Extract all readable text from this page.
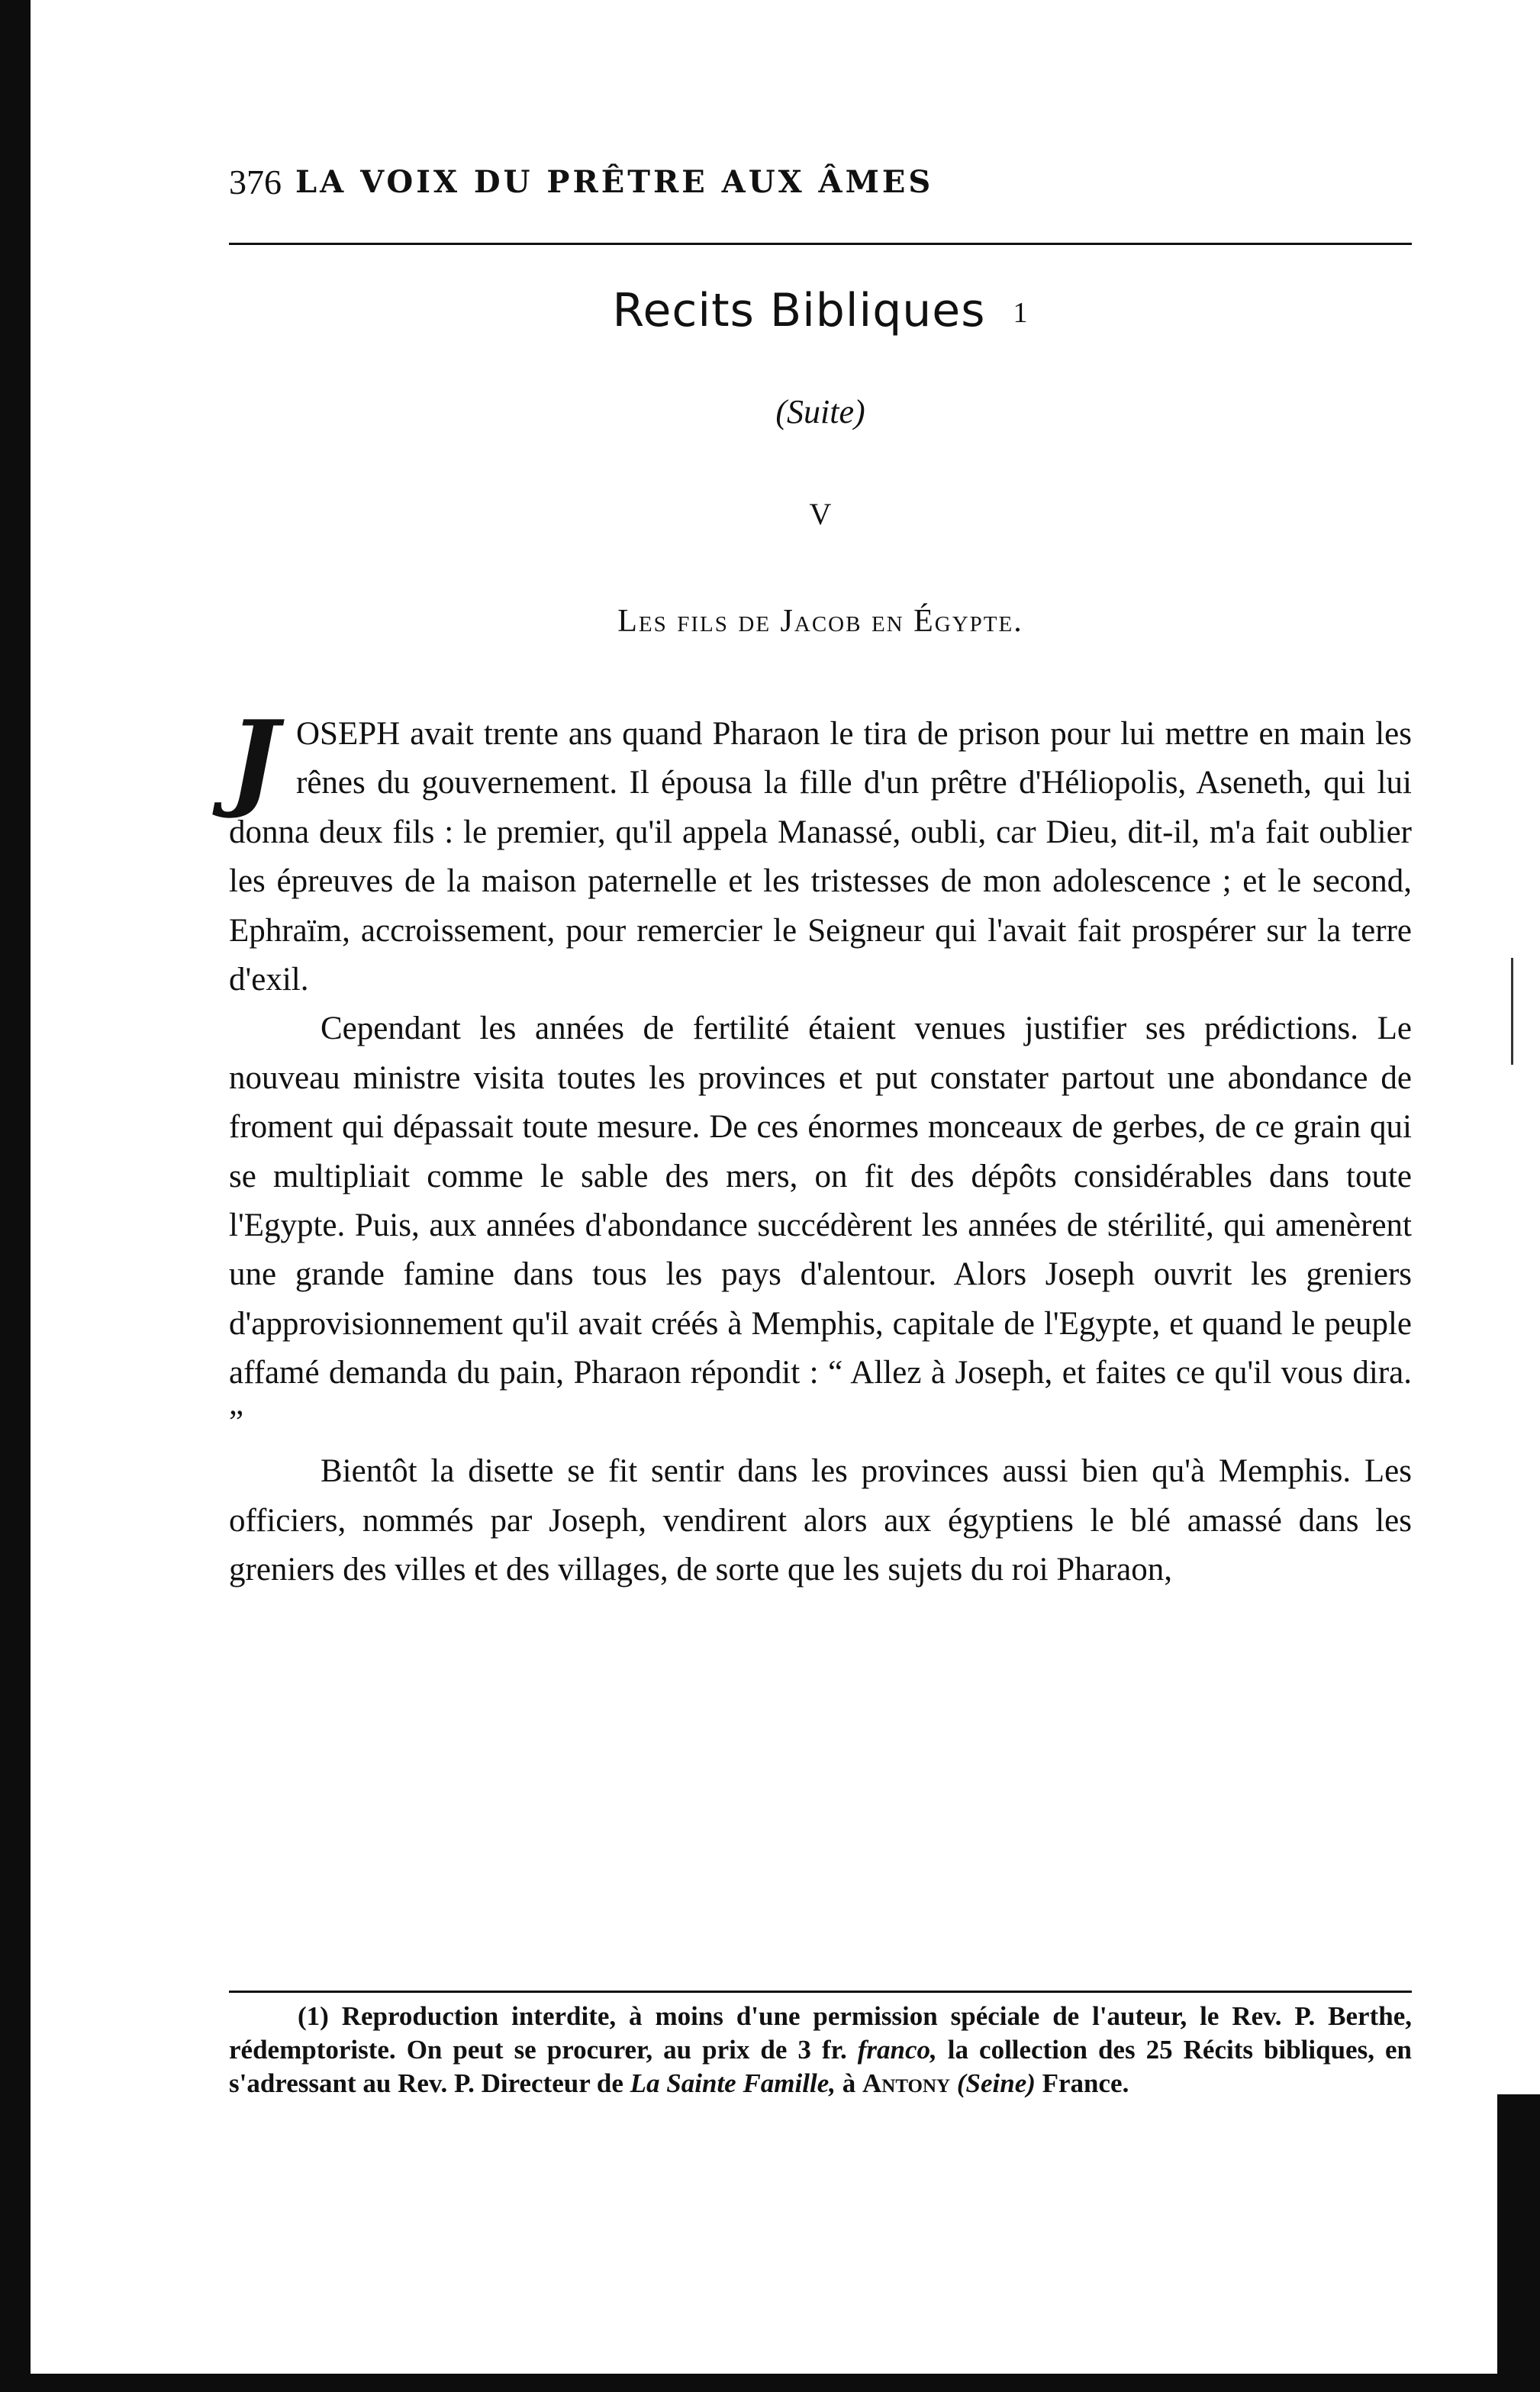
376 LA VOIX DU PRÊTRE AUX ÂMES
Recits Bibliques 1
(Suite)
V
Les fils de Jacob en Égypte.

JOSEPH avait trente ans quand Pharaon le tira de prison pour lui mettre en main les rênes du gouvernement. Il épousa la fille d'un prêtre d'Héliopolis, Aseneth, qui lui donna deux fils : le premier, qu'il appela Manassé, oubli, car Dieu, dit-il, m'a fait oublier les épreuves de la maison paternelle et les tristesses de mon adolescence ; et le second, Ephraïm, accroissement, pour remercier le Seigneur qui l'avait fait prospérer sur la terre d'exil.

Cependant les années de fertilité étaient venues justifier ses prédictions. Le nouveau ministre visita toutes les provinces et put constater partout une abondance de froment qui dépassait toute mesure. De ces énormes monceaux de gerbes, de ce grain qui se multipliait comme le sable des mers, on fit des dépôts considérables dans toute l'Egypte. Puis, aux années d'abondance succédèrent les années de stérilité, qui amenèrent une grande famine dans tous les pays d'alentour. Alors Joseph ouvrit les greniers d'approvisionnement qu'il avait créés à Memphis, capitale de l'Egypte, et quand le peuple affamé demanda du pain, Pharaon répondit : “ Allez à Joseph, et faites ce qu'il vous dira. ”

Bientôt la disette se fit sentir dans les provinces aussi bien qu'à Memphis. Les officiers, nommés par Joseph, vendirent alors aux égyptiens le blé amassé dans les greniers des villes et des villages, de sorte que les sujets du roi Pharaon,

(1) Reproduction interdite, à moins d'une permission spéciale de l'auteur, le Rev. P. Berthe, rédemptoriste. On peut se procurer, au prix de 3 fr. franco, la collection des 25 Récits bibliques, en s'adressant au Rev. P. Directeur de La Sainte Famille, à Antony (Seine) France.
